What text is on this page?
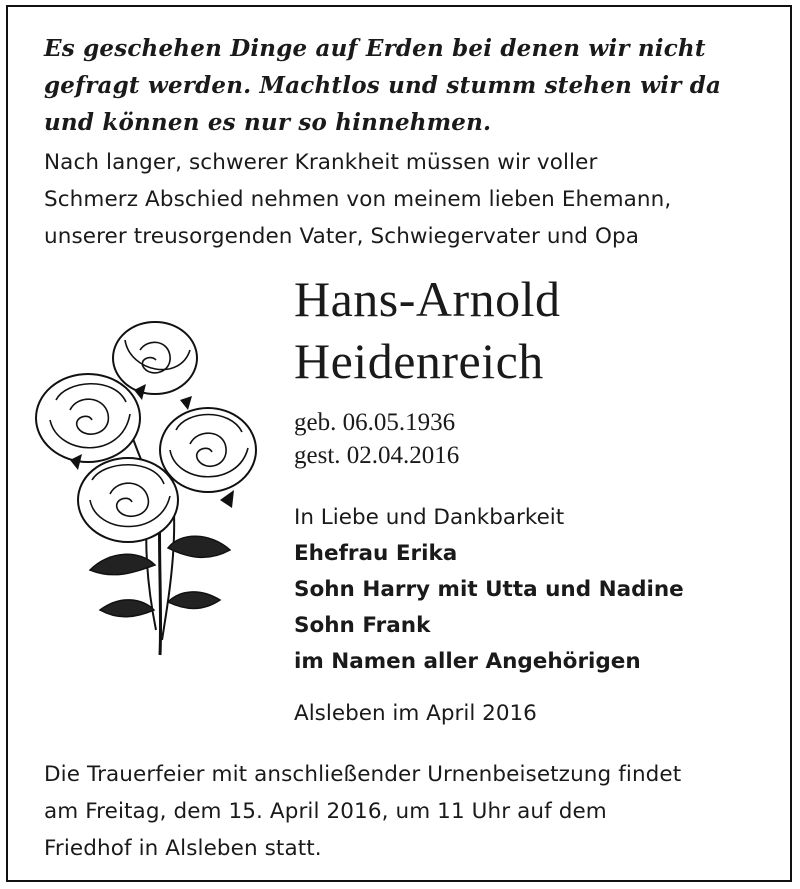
Es geschehen Dinge auf Erden bei denen wir nicht
gefragt werden. Machtlos und stumm stehen wir da
und können es nur so hinnehmen.
Nach langer, schwerer Krankheit müssen wir voller
Schmerz Abschied nehmen von meinem lieben Ehemann,
unserer treusorgenden Vater, Schwiegervater und Opa
Hans-Arnold
Heidenreich
geb. 06.05.1936
gest. 02.04.2016
In Liebe und Dankbarkeit
Ehefrau Erika
Sohn Harry mit Utta und Nadine
Sohn Frank
im Namen aller Angehörigen
Alsleben im April 2016
Die Trauerfeier mit anschließender Urnenbeisetzung findet
am Freitag, dem 15. April 2016, um 11 Uhr auf dem
Friedhof in Alsleben statt.
